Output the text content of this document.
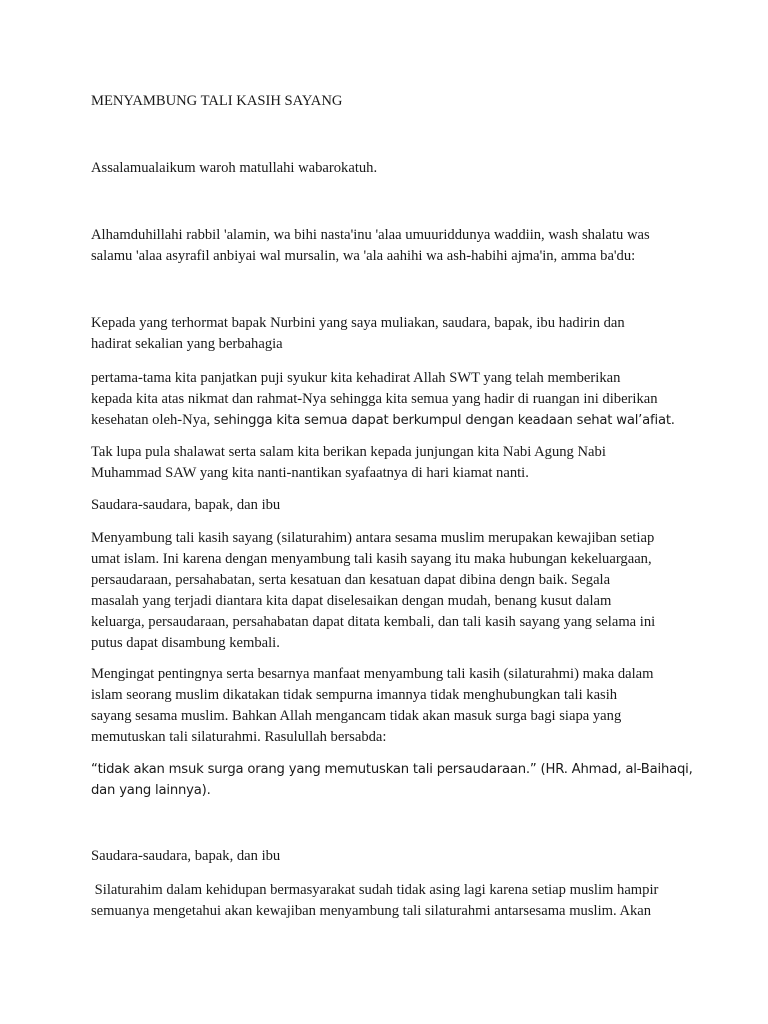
MENYAMBUNG TALI KASIH SAYANG

Assalamualaikum waroh matullahi wabarokatuh.

Alhamduhillahi rabbil 'alamin, wa bihi nasta'inu 'alaa umuuriddunya waddiin, wash shalatu was
salamu 'alaa asyrafil anbiyai wal mursalin, wa 'ala aahihi wa ash-habihi ajma'in, amma ba'du:

Kepada yang terhormat bapak Nurbini yang saya muliakan, saudara, bapak, ibu hadirin dan
hadirat sekalian yang berbahagia

pertama-tama kita panjatkan puji syukur kita kehadirat Allah SWT yang telah memberikan
kepada kita atas nikmat dan rahmat-Nya sehingga kita semua yang hadir di ruangan ini diberikan
kesehatan oleh-Nya, sehingga kita semua dapat berkumpul dengan keadaan sehat wal’afiat.

Tak lupa pula shalawat serta salam kita berikan kepada junjungan kita Nabi Agung Nabi
Muhammad SAW yang kita nanti-nantikan syafaatnya di hari kiamat nanti.

Saudara-saudara, bapak, dan ibu

Menyambung tali kasih sayang (silaturahim) antara sesama muslim merupakan kewajiban setiap
umat islam. Ini karena dengan menyambung tali kasih sayang itu maka hubungan kekeluargaan,
persaudaraan, persahabatan, serta kesatuan dan kesatuan dapat dibina dengn baik. Segala
masalah yang terjadi diantara kita dapat diselesaikan dengan mudah, benang kusut dalam
keluarga, persaudaraan, persahabatan dapat ditata kembali, dan tali kasih sayang yang selama ini
putus dapat disambung kembali.

Mengingat pentingnya serta besarnya manfaat menyambung tali kasih (silaturahmi) maka dalam
islam seorang muslim dikatakan tidak sempurna imannya tidak menghubungkan tali kasih
sayang sesama muslim. Bahkan Allah mengancam tidak akan masuk surga bagi siapa yang
memutuskan tali silaturahmi. Rasulullah bersabda:

“tidak akan msuk surga orang yang memutuskan tali persaudaraan.” (HR. Ahmad, al-Baihaqi,
dan yang lainnya).

Saudara-saudara, bapak, dan ibu

Silaturahim dalam kehidupan bermasyarakat sudah tidak asing lagi karena setiap muslim hampir
semuanya mengetahui akan kewajiban menyambung tali silaturahmi antarsesama muslim. Akan
